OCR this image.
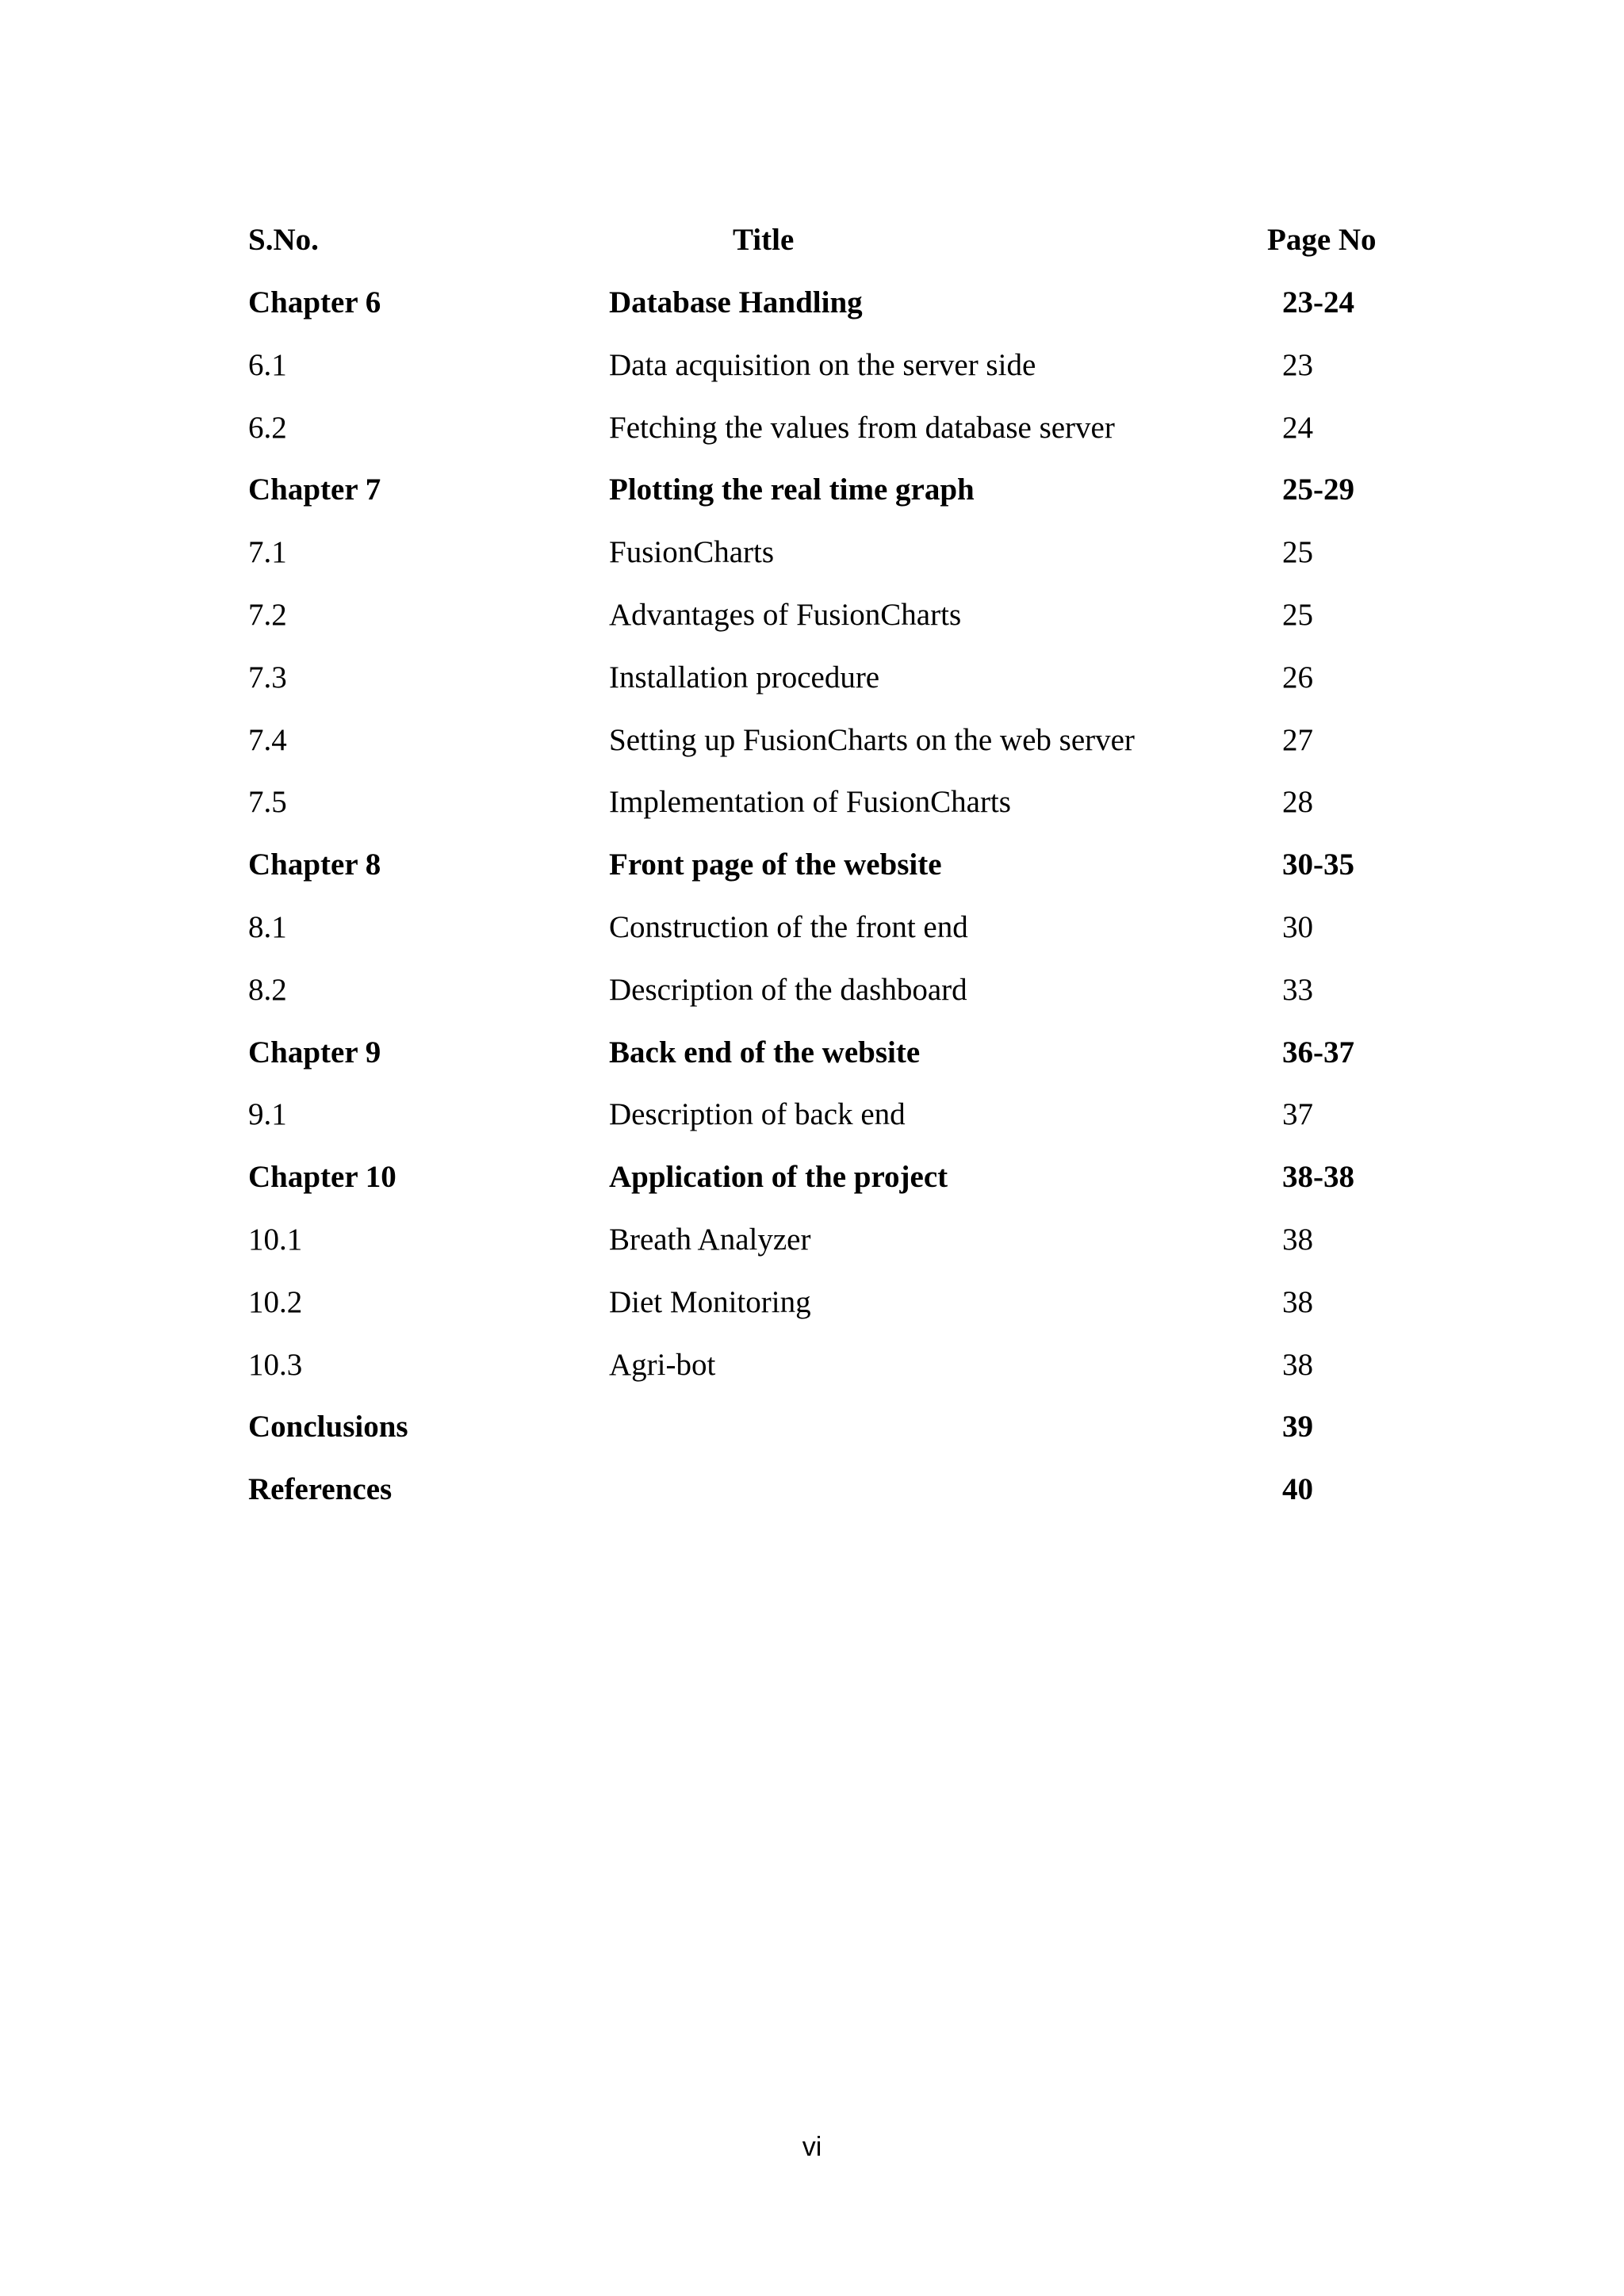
S.No.	Title	Page No
Chapter 6	Database Handling	23-24
6.1	Data acquisition on the server side	23
6.2	Fetching the values from database server	24
Chapter 7	Plotting the real time graph	25-29
7.1	FusionCharts	25
7.2	Advantages of FusionCharts	25
7.3	Installation procedure	26
7.4	Setting up FusionCharts on the web server	27
7.5	Implementation of FusionCharts	28
Chapter 8	Front page of the website	30-35
8.1	Construction of the front end	30
8.2	Description of the dashboard	33
Chapter 9	Back end of the website	36-37
9.1	Description of back end	37
Chapter 10	Application of the project	38-38
10.1	Breath Analyzer	38
10.2	Diet Monitoring	38
10.3	Agri-bot	38
Conclusions	39
References	40
vi
